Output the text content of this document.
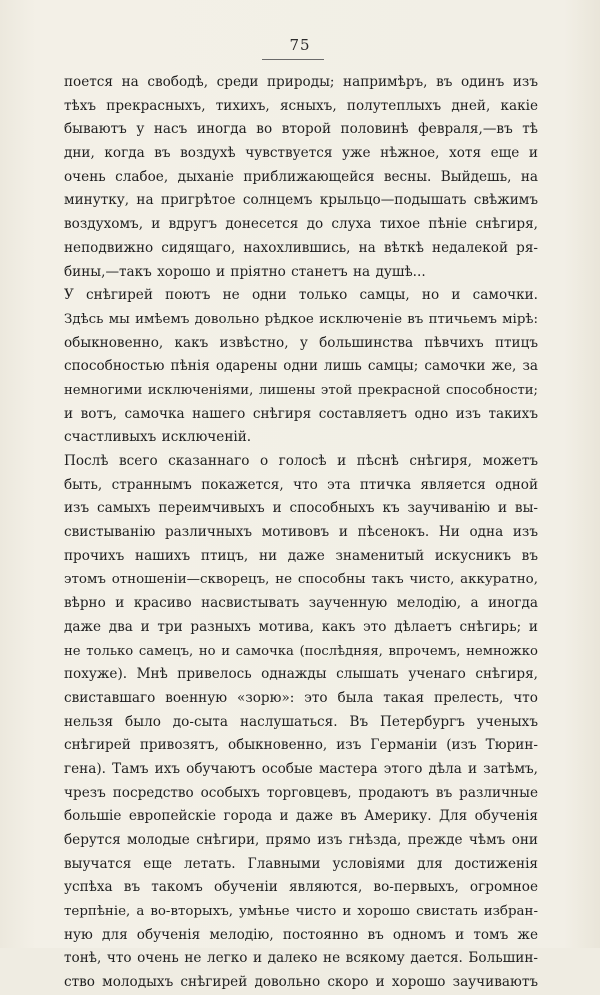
75
поется на свободѣ, среди природы; напримѣръ, въ одинъ изъ
тѣхъ прекрасныхъ, тихихъ, ясныхъ, полутеплыхъ дней, какіе
бываютъ у насъ иногда во второй половинѣ февраля,—въ тѣ
дни, когда въ воздухѣ чувствуется уже нѣжное, хотя еще и
очень слабое, дыханіе приближающейся весны. Выйдешь, на
минутку, на пригрѣтое солнцемъ крыльцо—подышать свѣжимъ
воздухомъ, и вдругъ донесется до слуха тихое пѣніе снѣгиря,
неподвижно сидящаго, нахохлившись, на вѣткѣ недалекой ря-
бины,—такъ хорошо и пріятно станетъ на душѣ...
У снѣгирей поютъ не одни только самцы, но и самочки.
Здѣсь мы имѣемъ довольно рѣдкое исключеніе въ птичьемъ мірѣ:
обыкновенно, какъ извѣстно, у большинства пѣвчихъ птицъ
способностью пѣнія одарены одни лишь самцы; самочки же, за
немногими исключеніями, лишены этой прекрасной способности;
и вотъ, самочка нашего снѣгиря составляетъ одно изъ такихъ
счастливыхъ исключеній.
Послѣ всего сказаннаго о голосѣ и пѣснѣ снѣгиря, можетъ
быть, страннымъ покажется, что эта птичка является одной
изъ самыхъ переимчивыхъ и способныхъ къ заучиванію и вы-
свистыванію различныхъ мотивовъ и пѣсенокъ. Ни одна изъ
прочихъ нашихъ птицъ, ни даже знаменитый искусникъ въ
этомъ отношеніи—скворецъ, не способны такъ чисто, аккуратно,
вѣрно и красиво насвистывать заученную мелодію, а иногда
даже два и три разныхъ мотива, какъ это дѣлаетъ снѣгирь; и
не только самецъ, но и самочка (послѣдняя, впрочемъ, немножко
похуже). Мнѣ привелось однажды слышать ученаго снѣгиря,
свиставшаго военную «зорю»: это была такая прелесть, что
нельзя было до-сыта наслушаться. Въ Петербургъ ученыхъ
снѣгирей привозятъ, обыкновенно, изъ Германіи (изъ Тюрин-
гена). Тамъ ихъ обучаютъ особые мастера этого дѣла и затѣмъ,
чрезъ посредство особыхъ торговцевъ, продаютъ въ различные
большіе европейскіе города и даже въ Америку. Для обученія
берутся молодые снѣгири, прямо изъ гнѣзда, прежде чѣмъ они
выучатся еще летать. Главными условіями для достиженія
успѣха въ такомъ обученіи являются, во-первыхъ, огромное
терпѣніе, а во-вторыхъ, умѣнье чисто и хорошо свистать избран-
ную для обученія мелодію, постоянно въ одномъ и томъ же
тонѣ, что очень не легко и далеко не всякому дается. Большин-
ство молодыхъ снѣгирей довольно скоро и хорошо заучиваютъ
